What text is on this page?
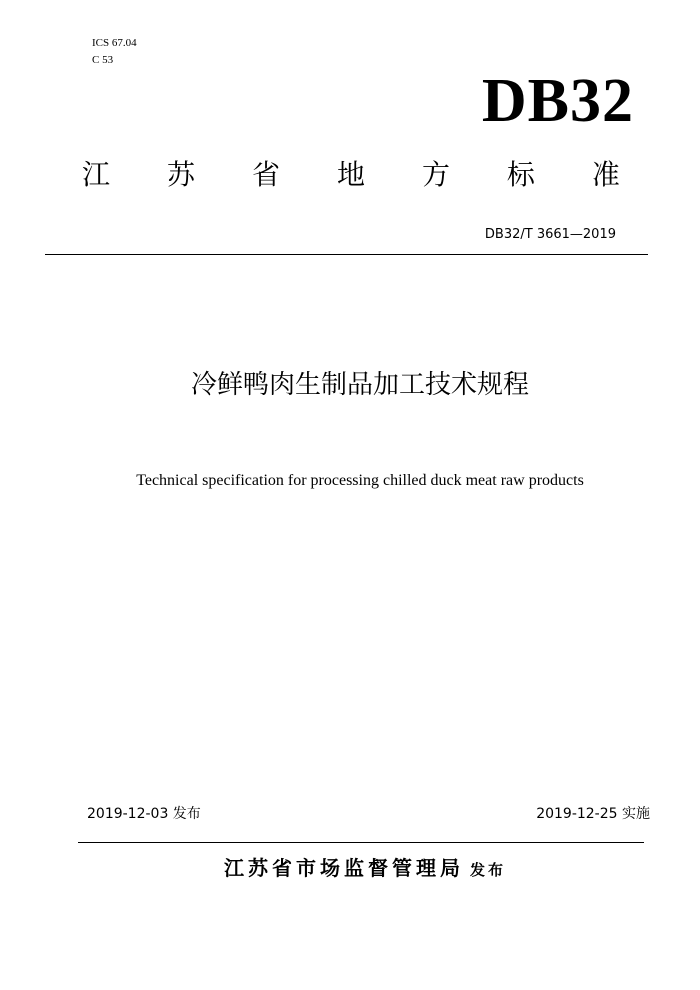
ICS 67.04
C 53
DB32
江 苏 省 地 方 标 准
DB32/T 3661—2019
冷鲜鸭肉生制品加工技术规程
Technical specification for processing chilled duck meat raw products
2019-12-03 发布	2019-12-25 实施
江苏省市场监督管理局 发布
